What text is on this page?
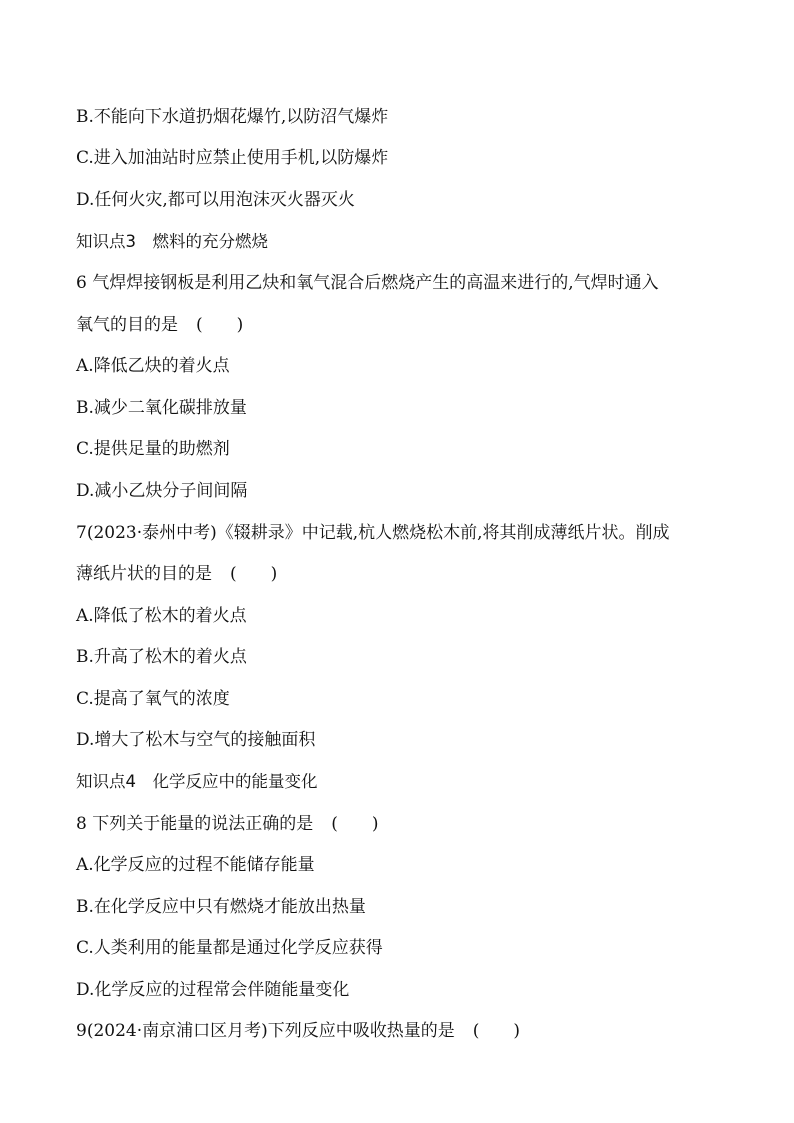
B.不能向下水道扔烟花爆竹,以防沼气爆炸
C.进入加油站时应禁止使用手机,以防爆炸
D.任何火灾,都可以用泡沫灭火器灭火
知识点3　燃料的充分燃烧
6 气焊焊接钢板是利用乙炔和氧气混合后燃烧产生的高温来进行的,气焊时通入
氧气的目的是 (　　)
A.降低乙炔的着火点
B.减少二氧化碳排放量
C.提供足量的助燃剂
D.减小乙炔分子间间隔
7(2023·泰州中考)《辍耕录》中记载,杭人燃烧松木前,将其削成薄纸片状。削成
薄纸片状的目的是 (　　)
A.降低了松木的着火点
B.升高了松木的着火点
C.提高了氧气的浓度
D.增大了松木与空气的接触面积
知识点4　化学反应中的能量变化
8 下列关于能量的说法正确的是 (　　)
A.化学反应的过程不能储存能量
B.在化学反应中只有燃烧才能放出热量
C.人类利用的能量都是通过化学反应获得
D.化学反应的过程常会伴随能量变化
9(2024·南京浦口区月考)下列反应中吸收热量的是 (　　)
